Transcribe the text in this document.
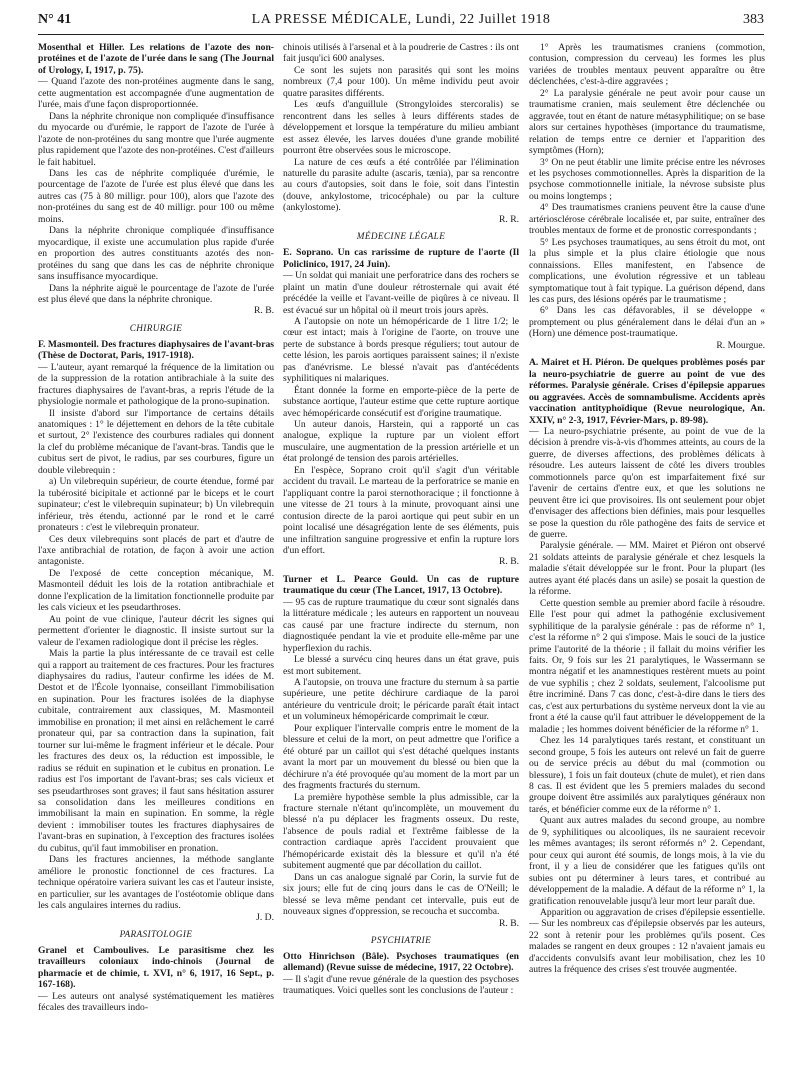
N° 41	LA PRESSE MÉDICALE, Lundi, 22 Juillet 1918	383

Mosenthal et Hiller. Les relations de l'azote des non-protéines et de l'azote de l'urée dans le sang (The Journal of Urology, I, 1917, p. 75).

— Quand l'azote des non-protéines augmente dans le sang, cette augmentation est accompagnée d'une augmentation de l'urée, mais d'une façon disproportionnée.

Dans la néphrite chronique non compliquée d'insuffisance du myocarde ou d'urémie, le rapport de l'azote de l'urée à l'azote de non-protéines du sang montre que l'urée augmente plus rapidement que l'azote des non-protéines. C'est d'ailleurs le fait habituel.

Dans les cas de néphrite compliquée d'urémie, le pourcentage de l'azote de l'urée est plus élevé que dans les autres cas (75 à 80 milligr. pour 100), alors que l'azote des non-protéines du sang est de 40 milligr. pour 100 ou même moins.

Dans la néphrite chronique compliquée d'insuffisance myocardique, il existe une accumulation plus rapide d'urée en proportion des autres constituants azotés des non-protéines du sang que dans les cas de néphrite chronique sans insuffisance myocardique.

Dans la néphrite aiguë le pourcentage de l'azote de l'urée est plus élevé que dans la néphrite chronique.

R. B.

CHIRURGIE

F. Masmonteil. Des fractures diaphysaires de l'avant-bras (Thèse de Doctorat, Paris, 1917-1918).

— L'auteur, ayant remarqué la fréquence de la limitation ou de la suppression de la rotation antibrachiale à la suite des fractures diaphysaires de l'avant-bras, a repris l'étude de la physiologie normale et pathologique de la prono-supination.

Il insiste d'abord sur l'importance de certains détails anatomiques : 1° le déjettement en dehors de la tête cubitale et surtout, 2° l'existence des courbures radiales qui donnent la clef du problème mécanique de l'avant-bras. Tandis que le cubitus sert de pivot, le radius, par ses courbures, figure un double vilebrequin :

a) Un vilebrequin supérieur, de courte étendue, formé par la tubérosité bicipitale et actionné par le biceps et le court supinateur; c'est le vilebrequin supinateur; b) Un vilebrequin inférieur, très étendu, actionné par le rond et le carré pronateurs : c'est le vilebrequin pronateur.

Ces deux vilebrequins sont placés de part et d'autre de l'axe antibrachial de rotation, de façon à avoir une action antagoniste.

De l'exposé de cette conception mécanique, M. Masmonteil déduit les lois de la rotation antibrachiale et donne l'explication de la limitation fonctionnelle produite par les cals vicieux et les pseudarthroses.

Au point de vue clinique, l'auteur décrit les signes qui permettent d'orienter le diagnostic. Il insiste surtout sur la valeur de l'examen radiologique dont il précise les règles.

Mais la partie la plus intéressante de ce travail est celle qui a rapport au traitement de ces fractures. Pour les fractures diaphysaires du radius, l'auteur confirme les idées de M. Destot et de l'École lyonnaise, conseillant l'immobilisation en supination. Pour les fractures isolées de la diaphyse cubitale, contrairement aux classiques, M. Masmonteil immobilise en pronation; il met ainsi en relâchement le carré pronateur qui, par sa contraction dans la supination, fait tourner sur lui-même le fragment inférieur et le décale. Pour les fractures des deux os, la réduction est impossible, le radius se réduit en supination et le cubitus en pronation. Le radius est l'os important de l'avant-bras; ses cals vicieux et ses pseudarthroses sont graves; il faut sans hésitation assurer sa consolidation dans les meilleures conditions en immobilisant la main en supination. En somme, la règle devient : immobiliser toutes les fractures diaphysaires de l'avant-bras en supination, à l'exception des fractures isolées du cubitus, qu'il faut immobiliser en pronation.

Dans les fractures anciennes, la méthode sanglante améliore le pronostic fonctionnel de ces fractures. La technique opératoire variera suivant les cas et l'auteur insiste, en particulier, sur les avantages de l'ostéotomie oblique dans les cals angulaires internes du radius.

J. D.

PARASITOLOGIE

Granel et Camboulives. Le parasitisme chez les travailleurs coloniaux indo-chinois (Journal de pharmacie et de chimie, t. XVI, n° 6, 1917, 16 Sept., p. 167-168).

— Les auteurs ont analysé systématiquement les matières fécales des travailleurs indo-

chinois utilisés à l'arsenal et à la poudrerie de Castres : ils ont fait jusqu'ici 600 analyses.

Ce sont les sujets non parasités qui sont les moins nombreux (7,4 pour 100). Un même individu peut avoir quatre parasites différents.

Les œufs d'anguillule (Strongyloides stercoralis) se rencontrent dans les selles à leurs différents stades de développement et lorsque la température du milieu ambiant est assez élevée, les larves douées d'une grande mobilité pourront être observées sous le microscope.

La nature de ces œufs a été contrôlée par l'élimination naturelle du parasite adulte (ascaris, tænia), par sa rencontre au cours d'autopsies, soit dans le foie, soit dans l'intestin (douve, ankylostome, tricocéphale) ou par la culture (ankylostome).

R. R.

MÉDECINE LÉGALE

E. Soprano. Un cas rarissime de rupture de l'aorte (Il Policlinico, 1917, 24 Juin).

— Un soldat qui maniait une perforatrice dans des rochers se plaint un matin d'une douleur rétrosternale qui avait été précédée la veille et l'avant-veille de piqûres à ce niveau. Il est évacué sur un hôpital où il meurt trois jours après.

A l'autopsie on note un hémopéricarde de 1 litre 1/2; le cœur est intact; mais à l'origine de l'aorte, on trouve une perte de substance à bords presque réguliers; tout autour de cette lésion, les parois aortiques paraissent saines; il n'existe pas d'anévrisme. Le blessé n'avait pas d'antécédents syphilitiques ni malariques.

Étant donnée la forme en emporte-pièce de la perte de substance aortique, l'auteur estime que cette rupture aortique avec hémopéricarde consécutif est d'origine traumatique.

Un auteur danois, Harstein, qui a rapporté un cas analogue, explique la rupture par un violent effort musculaire, une augmentation de la pression artérielle et un état prolongé de tension des parois artérielles.

En l'espèce, Soprano croit qu'il s'agit d'un véritable accident du travail. Le marteau de la perforatrice se manie en l'appliquant contre la paroi sternothoracique ; il fonctionne à une vitesse de 21 tours à la minute, provoquant ainsi une contusion directe de la paroi aortique qui peut subir en un point localisé une désagrégation lente de ses éléments, puis une infiltration sanguine progressive et enfin la rupture lors d'un effort.

R. B.

Turner et L. Pearce Gould. Un cas de rupture traumatique du cœur (The Lancet, 1917, 13 Octobre).

— 95 cas de rupture traumatique du cœur sont signalés dans la littérature médicale ; les auteurs en rapportent un nouveau cas causé par une fracture indirecte du sternum, non diagnostiquée pendant la vie et produite elle-même par une hyperflexion du rachis.

Le blessé a survécu cinq heures dans un état grave, puis est mort subitement.

A l'autopsie, on trouva une fracture du sternum à sa partie supérieure, une petite déchirure cardiaque de la paroi antérieure du ventricule droit; le péricarde paraît était intact et un volumineux hémopéricarde comprimait le cœur.

Pour expliquer l'intervalle compris entre le moment de la blessure et celui de la mort, on peut admettre que l'orifice a été obturé par un caillot qui s'est détaché quelques instants avant la mort par un mouvement du blessé ou bien que la déchirure n'a été provoquée qu'au moment de la mort par un des fragments fracturés du sternum.

La première hypothèse semble la plus admissible, car la fracture sternale n'étant qu'incomplète, un mouvement du blessé n'a pu déplacer les fragments osseux. Du reste, l'absence de pouls radial et l'extrême faiblesse de la contraction cardiaque après l'accident prouvaient que l'hémopéricarde existait dès la blessure et qu'il n'a été subitement augmenté que par décollation du caillot.

Dans un cas analogue signalé par Corin, la survie fut de six jours; elle fut de cinq jours dans le cas de O'Neill; le blessé se leva même pendant cet intervalle, puis eut de nouveaux signes d'oppression, se recoucha et succomba.

R. B.

PSYCHIATRIE

Otto Hinrichson (Bâle). Psychoses traumatiques (en allemand) (Revue suisse de médecine, 1917, 22 Octobre).

— Il s'agit d'une revue générale de la question des psychoses traumatiques. Voici quelles sont les conclusions de l'auteur :

1° Après les traumatismes craniens (commotion, contusion, compression du cerveau) les formes les plus variées de troubles mentaux peuvent apparaître ou être déclenchées, c'est-à-dire aggravées ;

2° La paralysie générale ne peut avoir pour cause un traumatisme cranien, mais seulement être déclenchée ou aggravée, tout en étant de nature métasyphilitique; on se base alors sur certaines hypothèses (importance du traumatisme, relation de temps entre ce dernier et l'apparition des symptômes (Horn);

3° On ne peut établir une limite précise entre les névroses et les psychoses commotionnelles. Après la disparition de la psychose commotionnelle initiale, la névrose subsiste plus ou moins longtemps ;

4° Des traumatismes craniens peuvent être la cause d'une artériosclérose cérébrale localisée et, par suite, entraîner des troubles mentaux de forme et de pronostic correspondants ;

5° Les psychoses traumatiques, au sens étroit du mot, ont la plus simple et la plus claire étiologie que nous connaissions. Elles manifestent, en l'absence de complications, une évolution régressive et un tableau symptomatique tout à fait typique. La guérison dépend, dans les cas purs, des lésions opérés par le traumatisme ;

6° Dans les cas défavorables, il se développe « promptement ou plus généralement dans le délai d'un an » (Horn) une démence post-traumatique.

R. Mourgue.

A. Mairet et H. Piéron. De quelques problèmes posés par la neuro-psychiatrie de guerre au point de vue des réformes. Paralysie générale. Crises d'épilepsie apparues ou aggravées. Accès de somnambulisme. Accidents après vaccination antityphoïdique (Revue neurologique, An. XXIV, n° 2-3, 1917, Février-Mars, p. 89-98).

— La neuro-psychiatrie présente, au point de vue de la décision à prendre vis-à-vis d'hommes atteints, au cours de la guerre, de diverses affections, des problèmes délicats à résoudre. Les auteurs laissent de côté les divers troubles commotionnels parce qu'on est imparfaitement fixé sur l'avenir de certains d'entre eux, et que les solutions ne peuvent être ici que provisoires. Ils ont seulement pour objet d'envisager des affections bien définies, mais pour lesquelles se pose la question du rôle pathogène des faits de service et de guerre.

Paralysie générale. — MM. Mairet et Piéron ont observé 21 soldats atteints de paralysie générale et chez lesquels la maladie s'était développée sur le front. Pour la plupart (les autres ayant été placés dans un asile) se posait la question de la réforme.

Cette question semble au premier abord facile à résoudre. Elle l'est pour qui admet la pathogénie exclusivement syphilitique de la paralysie générale : pas de réforme n° 1, c'est la réforme n° 2 qui s'impose. Mais le souci de la justice prime l'autorité de la théorie ; il fallait du moins vérifier les faits. Or, 9 fois sur les 21 paralytiques, le Wassermann se montra négatif et les anamnestiques restèrent muets au point de vue syphilis ; chez 2 soldats, seulement, l'alcoolisme put être incriminé. Dans 7 cas donc, c'est-à-dire dans le tiers des cas, c'est aux perturbations du système nerveux dont la vie au front a été la cause qu'il faut attribuer le développement de la maladie ; les hommes doivent bénéficier de la réforme n° 1.

Chez les 14 paralytiques tarés restant, et constituant un second groupe, 5 fois les auteurs ont relevé un fait de guerre ou de service précis au début du mal (commotion ou blessure), 1 fois un fait douteux (chute de mulet), et rien dans 8 cas. Il est évident que les 5 premiers malades du second groupe doivent être assimilés aux paralytiques généraux non tarés, et bénéficier comme eux de la réforme n° 1.

Quant aux autres malades du second groupe, au nombre de 9, syphilitiques ou alcooliques, ils ne sauraient recevoir les mêmes avantages; ils seront réformés n° 2. Cependant, pour ceux qui auront été soumis, de longs mois, à la vie du front, il y a lieu de considérer que les fatigues qu'ils ont subies ont pu déterminer à leurs tares, et contribué au développement de la maladie. A défaut de la réforme n° 1, la gratification renouvelable jusqu'à leur mort leur paraît due.

Apparition ou aggravation de crises d'épilepsie essentielle. — Sur les nombreux cas d'épilepsie observés par les auteurs, 22 sont à retenir pour les problèmes qu'ils posent. Ces malades se rangent en deux groupes : 12 n'avaient jamais eu d'accidents convulsifs avant leur mobilisation, chez les 10 autres la fréquence des crises s'est trouvée augmentée.
